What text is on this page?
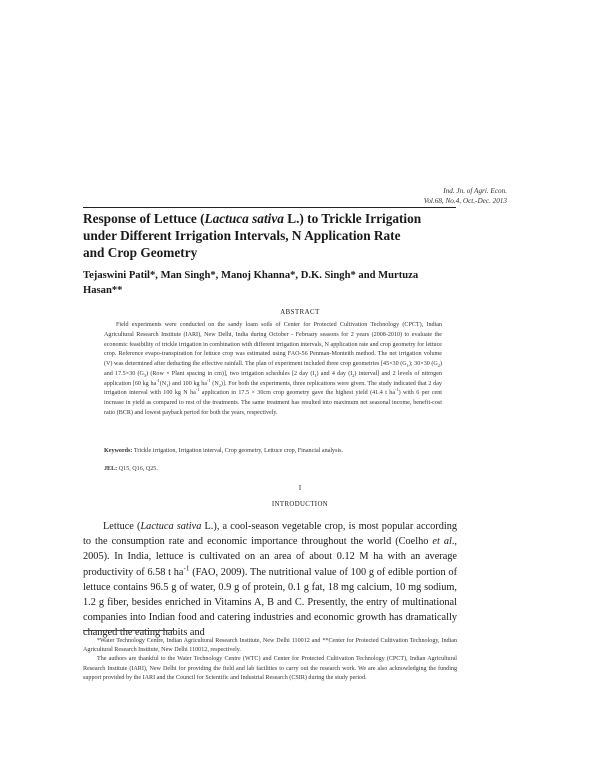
Ind. Jn. of Agri. Econ.
Vol.68, No.4, Oct.-Dec. 2013
Response of Lettuce (Lactuca sativa L.) to Trickle Irrigation under Different Irrigation Intervals, N Application Rate and Crop Geometry
Tejaswini Patil*, Man Singh*, Manoj Khanna*, D.K. Singh* and Murtuza Hasan**
ABSTRACT

Field experiments were conducted on the sandy loam soils of Center for Protected Cultivation Technology (CPCT), Indian Agricultural Research Institute (IARI), New Delhi, India during October - February seasons for 2 years (2008-2010) to evaluate the economic feasibility of trickle irrigation in combination with different irrigation intervals, N application rate and crop geometry for lettuce crop. Reference evapo-transpiration for lettuce crop was estimated using FAO-56 Penman-Monteith method. The net irrigation volume (V) was determined after deducting the effective rainfall. The plan of experiment included three crop geometries [45×30 $(G_1)$; 30×30 $(G_2)$ and 17.5×30 $(G_3) (Row$ × Plant spacing in cm)], two irrigation schedules [2 day $(I_1)$ and 4 day $(I_2)$ interval] and 2 levels of nitrogen application [60 kg $ha^{-1}(N_1)$ and 100 kg $ha^{-1}$ $(N_2)$]. For both the experiments, three replications were given. The study indicated that 2 day irrigation interval with 100 kg N $ha^{-1}$ application in 17.5 × 30cm crop geometry gave the highest yield (41.4 t $ha^{-1}$) with 6 per cent increase in yield as compared to rest of the treatments. The same treatment has resulted into maximum net seasonal income, benefit-cost ratio (BCR) and lowest payback period for both the years, respectively.

Keywords: Trickle irrigation, Irrigation interval, Crop geometry, Lettuce crop, Financial analysis.
JEL: Q15, Q16, Q25.
I
INTRODUCTION

Lettuce (Lactuca sativa L.), a cool-season vegetable crop, is most popular according to the consumption rate and economic importance throughout the world (Coelho et al., 2005). In India, lettuce is cultivated on an area of about 0.12 M ha with an average productivity of 6.58 t $ha^{-1}$ (FAO, 2009). The nutritional value of 100 g of edible portion of lettuce contains 96.5 g of water, 0.9 g of protein, 0.1 g fat, 18 mg calcium, 10 mg sodium, 1.2 g fiber, besides enriched in Vitamins A, B and C. Presently, the entry of multinational companies into Indian food and catering industries and economic growth has dramatically changed the eating habits and

*Water Technology Centre, Indian Agricultural Research Institute, New Delhi 110012 and **Center for Protected Cultivation Technology, Indian Agricultural Research Institute, New Delhi 110012, respectively.

The authors are thankful to the Water Technology Centre (WTC) and Center for Protected Cultivation Technology (CPCT), Indian Agricultural Research Institute (IARI), New Delhi for providing the field and lab facilities to carry out the research work. We are also acknowledging the funding support provided by the IARI and the Council for Scientific and Industrial Research (CSIR) during the study period.
